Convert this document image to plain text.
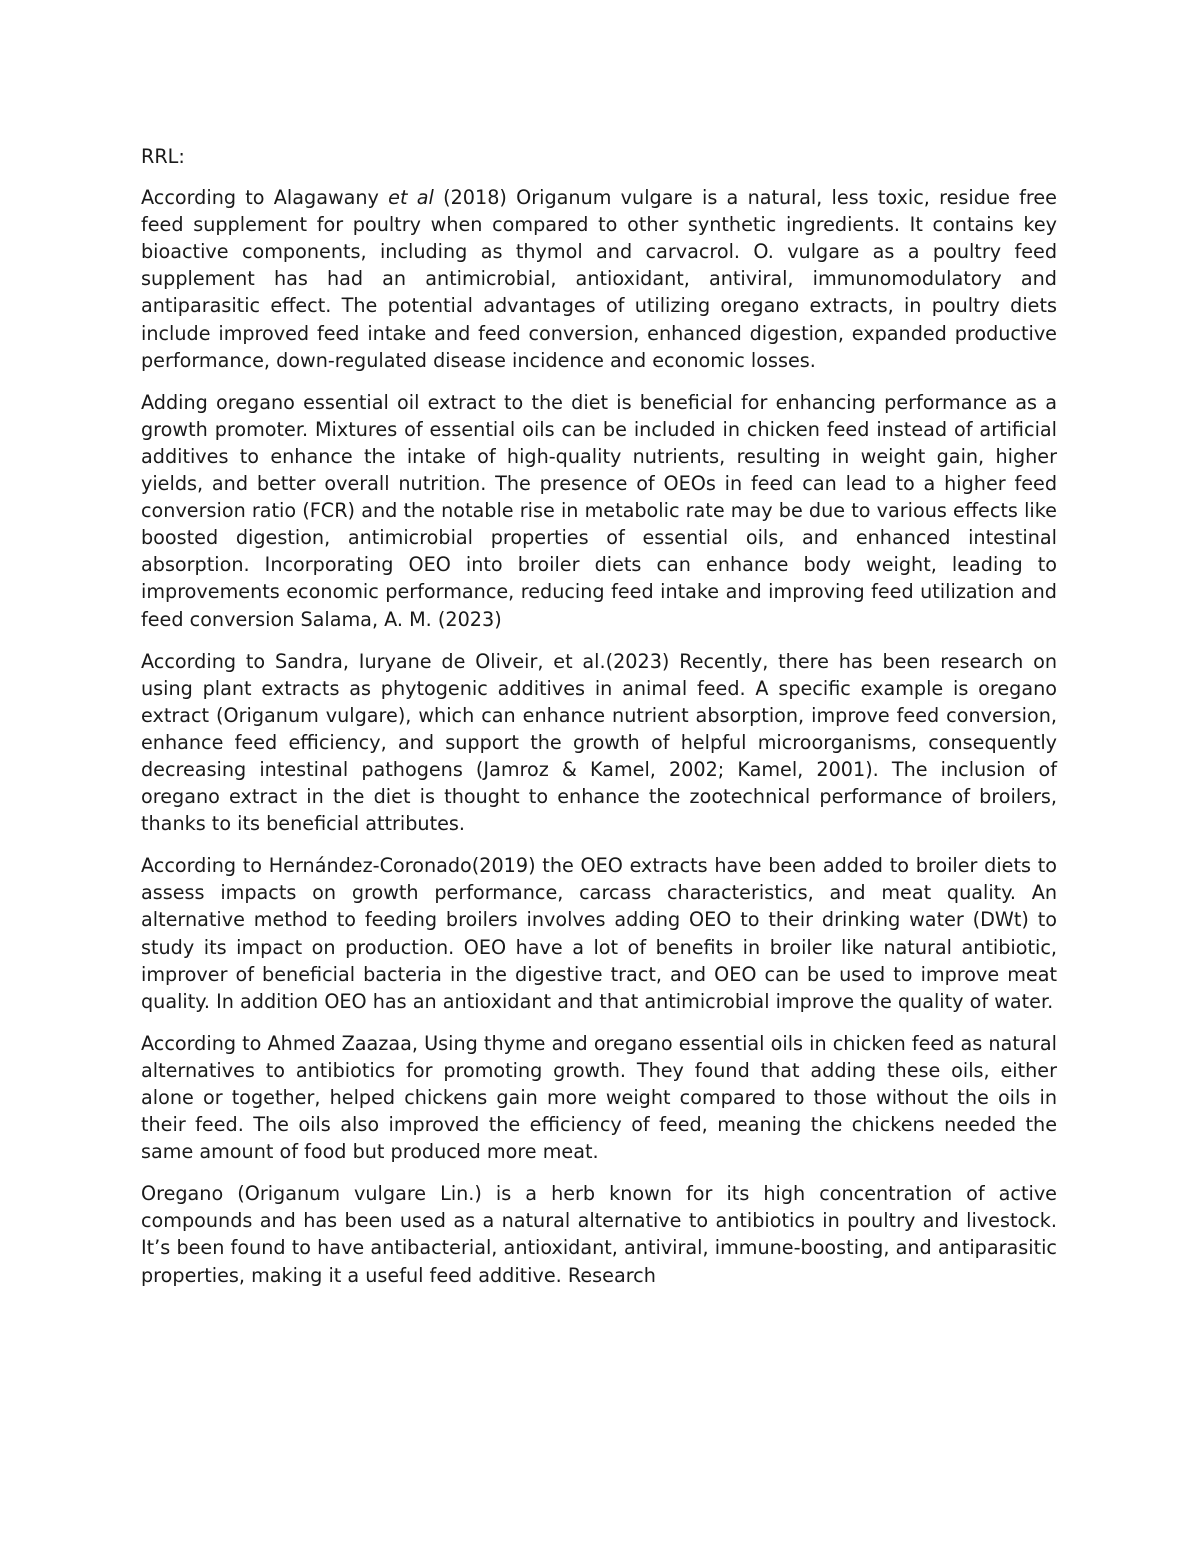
RRL:

According to Alagawany et al (2018) Origanum vulgare is a natural, less toxic, residue free feed supplement for poultry when compared to other synthetic ingredients. It contains key bioactive components, including as thymol and carvacrol. O. vulgare as a poultry feed supplement has had an antimicrobial, antioxidant, antiviral, immunomodulatory and antiparasitic effect. The potential advantages of utilizing oregano extracts, in poultry diets include improved feed intake and feed conversion, enhanced digestion, expanded productive performance, down-regulated disease incidence and economic losses.

Adding oregano essential oil extract to the diet is beneficial for enhancing performance as a growth promoter. Mixtures of essential oils can be included in chicken feed instead of artificial additives to enhance the intake of high-quality nutrients, resulting in weight gain, higher yields, and better overall nutrition. The presence of OEOs in feed can lead to a higher feed conversion ratio (FCR) and the notable rise in metabolic rate may be due to various effects like boosted digestion, antimicrobial properties of essential oils, and enhanced intestinal absorption. Incorporating OEO into broiler diets can enhance body weight, leading to improvements economic performance, reducing feed intake and improving feed utilization and feed conversion Salama, A. M. (2023)

According to Sandra, Iuryane de Oliveir, et al.(2023) Recently, there has been research on using plant extracts as phytogenic additives in animal feed. A specific example is oregano extract (Origanum vulgare), which can enhance nutrient absorption, improve feed conversion, enhance feed efficiency, and support the growth of helpful microorganisms, consequently decreasing intestinal pathogens (Jamroz & Kamel, 2002; Kamel, 2001). The inclusion of oregano extract in the diet is thought to enhance the zootechnical performance of broilers, thanks to its beneficial attributes.

According to Hernández-Coronado(2019) the OEO extracts have been added to broiler diets to assess impacts on growth performance, carcass characteristics, and meat quality. An alternative method to feeding broilers involves adding OEO to their drinking water (DWt) to study its impact on production. OEO have a lot of benefits in broiler like natural antibiotic, improver of beneficial bacteria in the digestive tract, and OEO can be used to improve meat quality. In addition OEO has an antioxidant and that antimicrobial improve the quality of water.

According to Ahmed Zaazaa, Using thyme and oregano essential oils in chicken feed as natural alternatives to antibiotics for promoting growth. They found that adding these oils, either alone or together, helped chickens gain more weight compared to those without the oils in their feed. The oils also improved the efficiency of feed, meaning the chickens needed the same amount of food but produced more meat.

Oregano (Origanum vulgare Lin.) is a herb known for its high concentration of active compounds and has been used as a natural alternative to antibiotics in poultry and livestock. It’s been found to have antibacterial, antioxidant, antiviral, immune-boosting, and antiparasitic properties, making it a useful feed additive. Research
